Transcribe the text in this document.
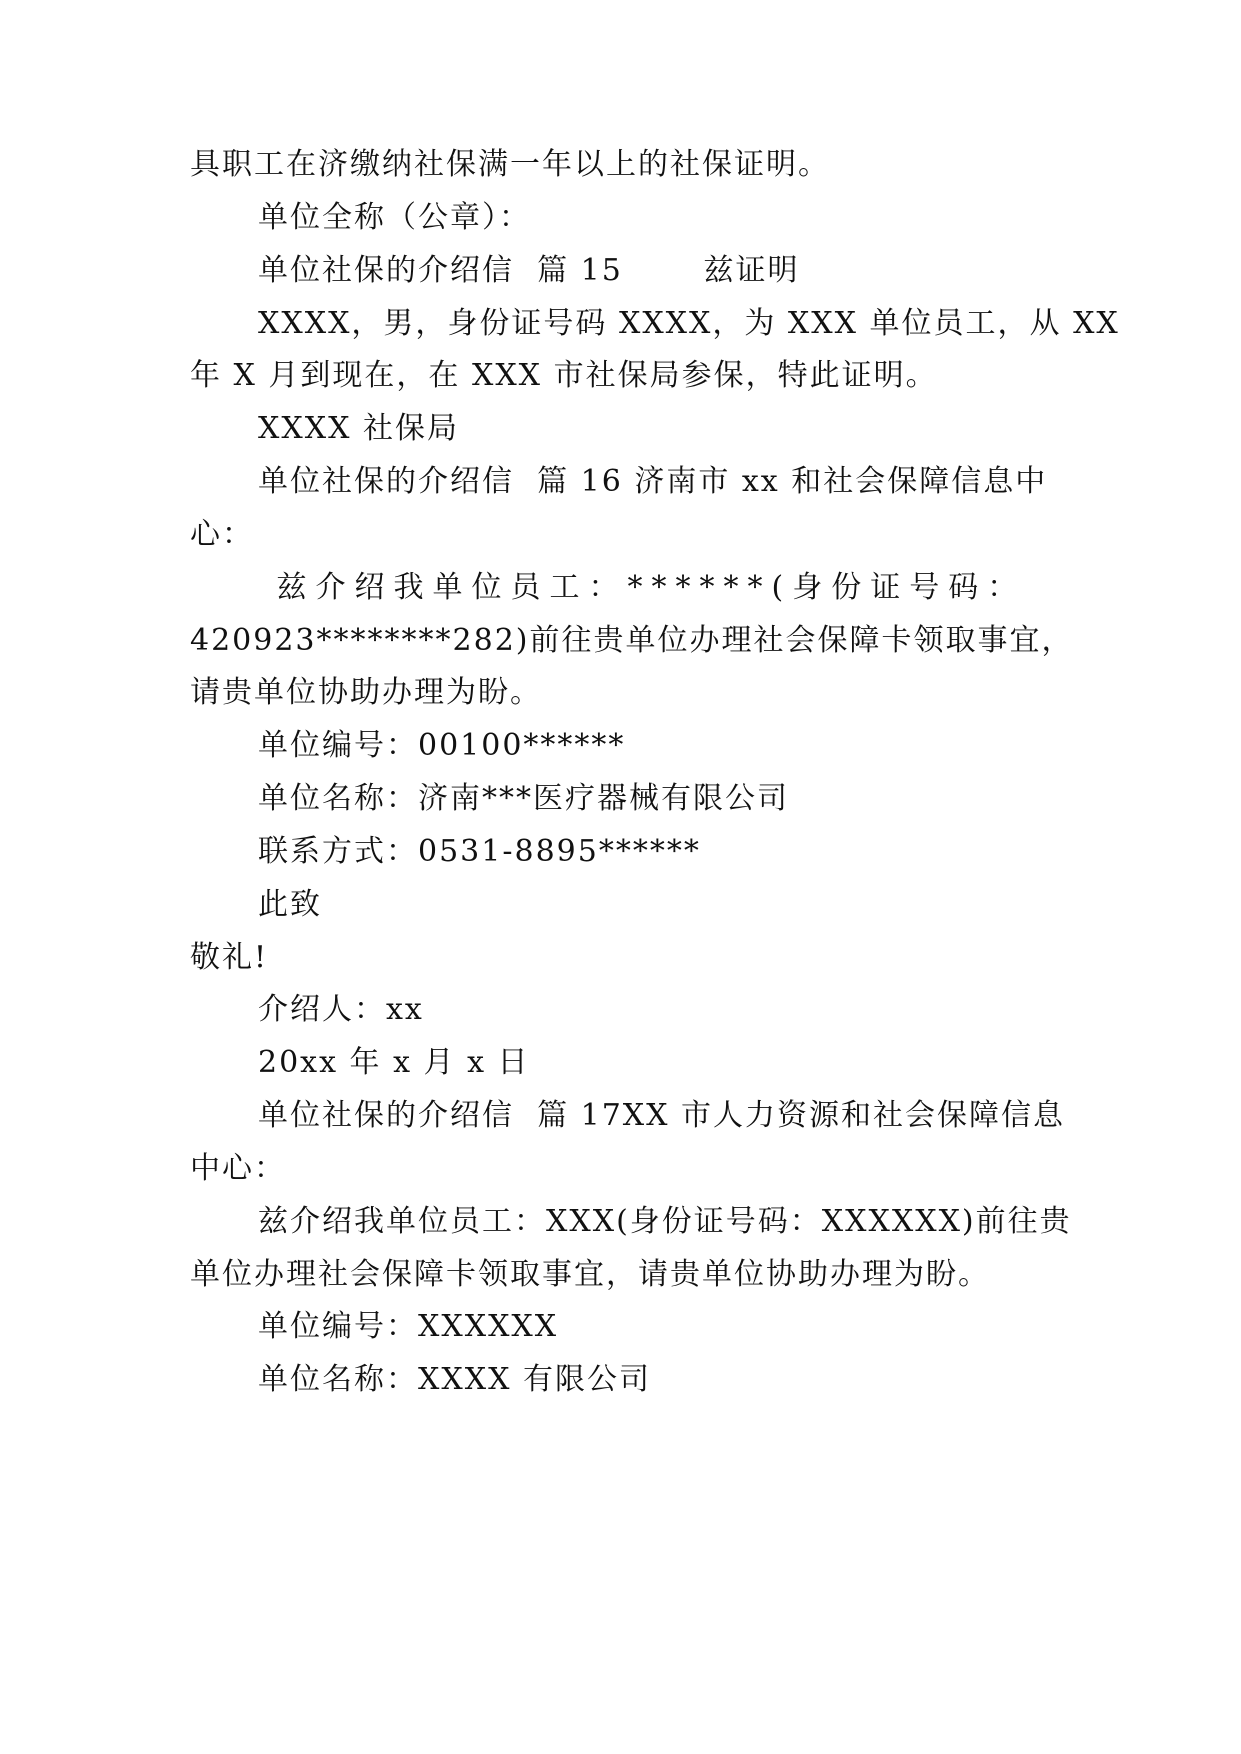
具职工在济缴纳社保满一年以上的社保证明。
单位全称（公章）：
单位社保的介绍信  篇 15       兹证明
XXXX，男，身份证号码 XXXX，为 XXX 单位员工，从 XX
年 X 月到现在，在 XXX 市社保局参保，特此证明。
XXXX 社保局
单位社保的介绍信  篇 16 济南市 xx 和社会保障信息中
心：
兹介绍我单位员工：******(身份证号码：
420923********282)前往贵单位办理社会保障卡领取事宜，
请贵单位协助办理为盼。
单位编号：00100******
单位名称：济南***医疗器械有限公司
联系方式：0531-8895******
此致
敬礼!
介绍人：xx
20xx 年 x 月 x 日
单位社保的介绍信  篇 17XX 市人力资源和社会保障信息
中心：
兹介绍我单位员工：XXX(身份证号码：XXXXXX)前往贵
单位办理社会保障卡领取事宜，请贵单位协助办理为盼。
单位编号：XXXXXX
单位名称：XXXX 有限公司
